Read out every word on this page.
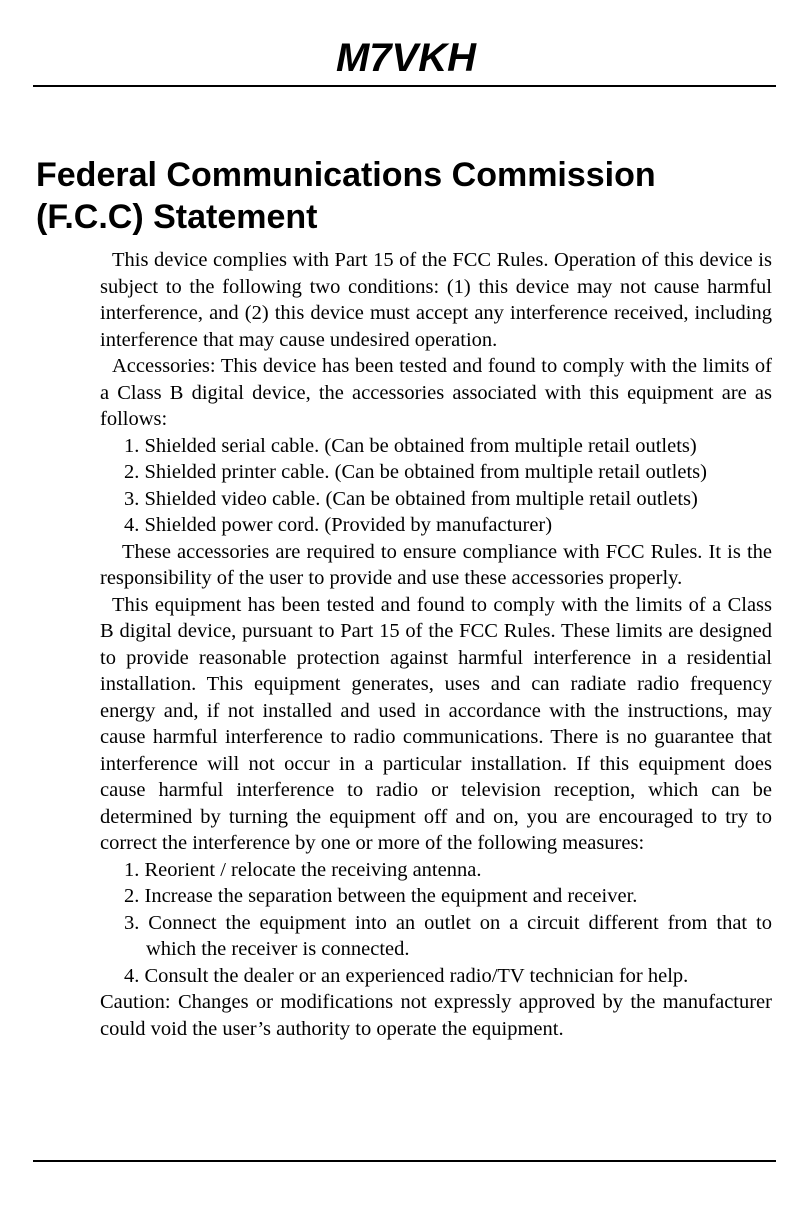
M7VKH
Federal Communications Commission
(F.C.C) Statement

This device complies with Part 15 of the FCC Rules. Operation of this device is subject to the following two conditions: (1) this device may not cause harmful interference, and (2) this device must accept any interference received, including interference that may cause undesired operation.

Accessories: This device has been tested and found to comply with the limits of a Class B digital device, the accessories associated with this equipment are as follows:

1. Shielded serial cable. (Can be obtained from multiple retail outlets)
2. Shielded printer cable. (Can be obtained from multiple retail outlets)
3. Shielded video cable. (Can be obtained from multiple retail outlets)
4. Shielded power cord. (Provided by manufacturer)

These accessories are required to ensure compliance with FCC Rules. It is the responsibility of the user to provide and use these accessories properly.

This equipment has been tested and found to comply with the limits of a Class B digital device, pursuant to Part 15 of the FCC Rules. These limits are designed to provide reasonable protection against harmful interference in a residential installation. This equipment generates, uses and can radiate radio frequency energy and, if not installed and used in accordance with the instructions, may cause harmful interference to radio communications. There is no guarantee that interference will not occur in a particular installation. If this equipment does cause harmful interference to radio or television reception, which can be determined by turning the equipment off and on, you are encouraged to try to correct the interference by one or more of the following measures:

1. Reorient / relocate the receiving antenna.
2. Increase the separation between the equipment and receiver.
3. Connect the equipment into an outlet on a circuit different from that to which the receiver is connected.
4. Consult the dealer or an experienced radio/TV technician for help.

Caution: Changes or modifications not expressly approved by the manufacturer could void the user’s authority to operate the equipment.
